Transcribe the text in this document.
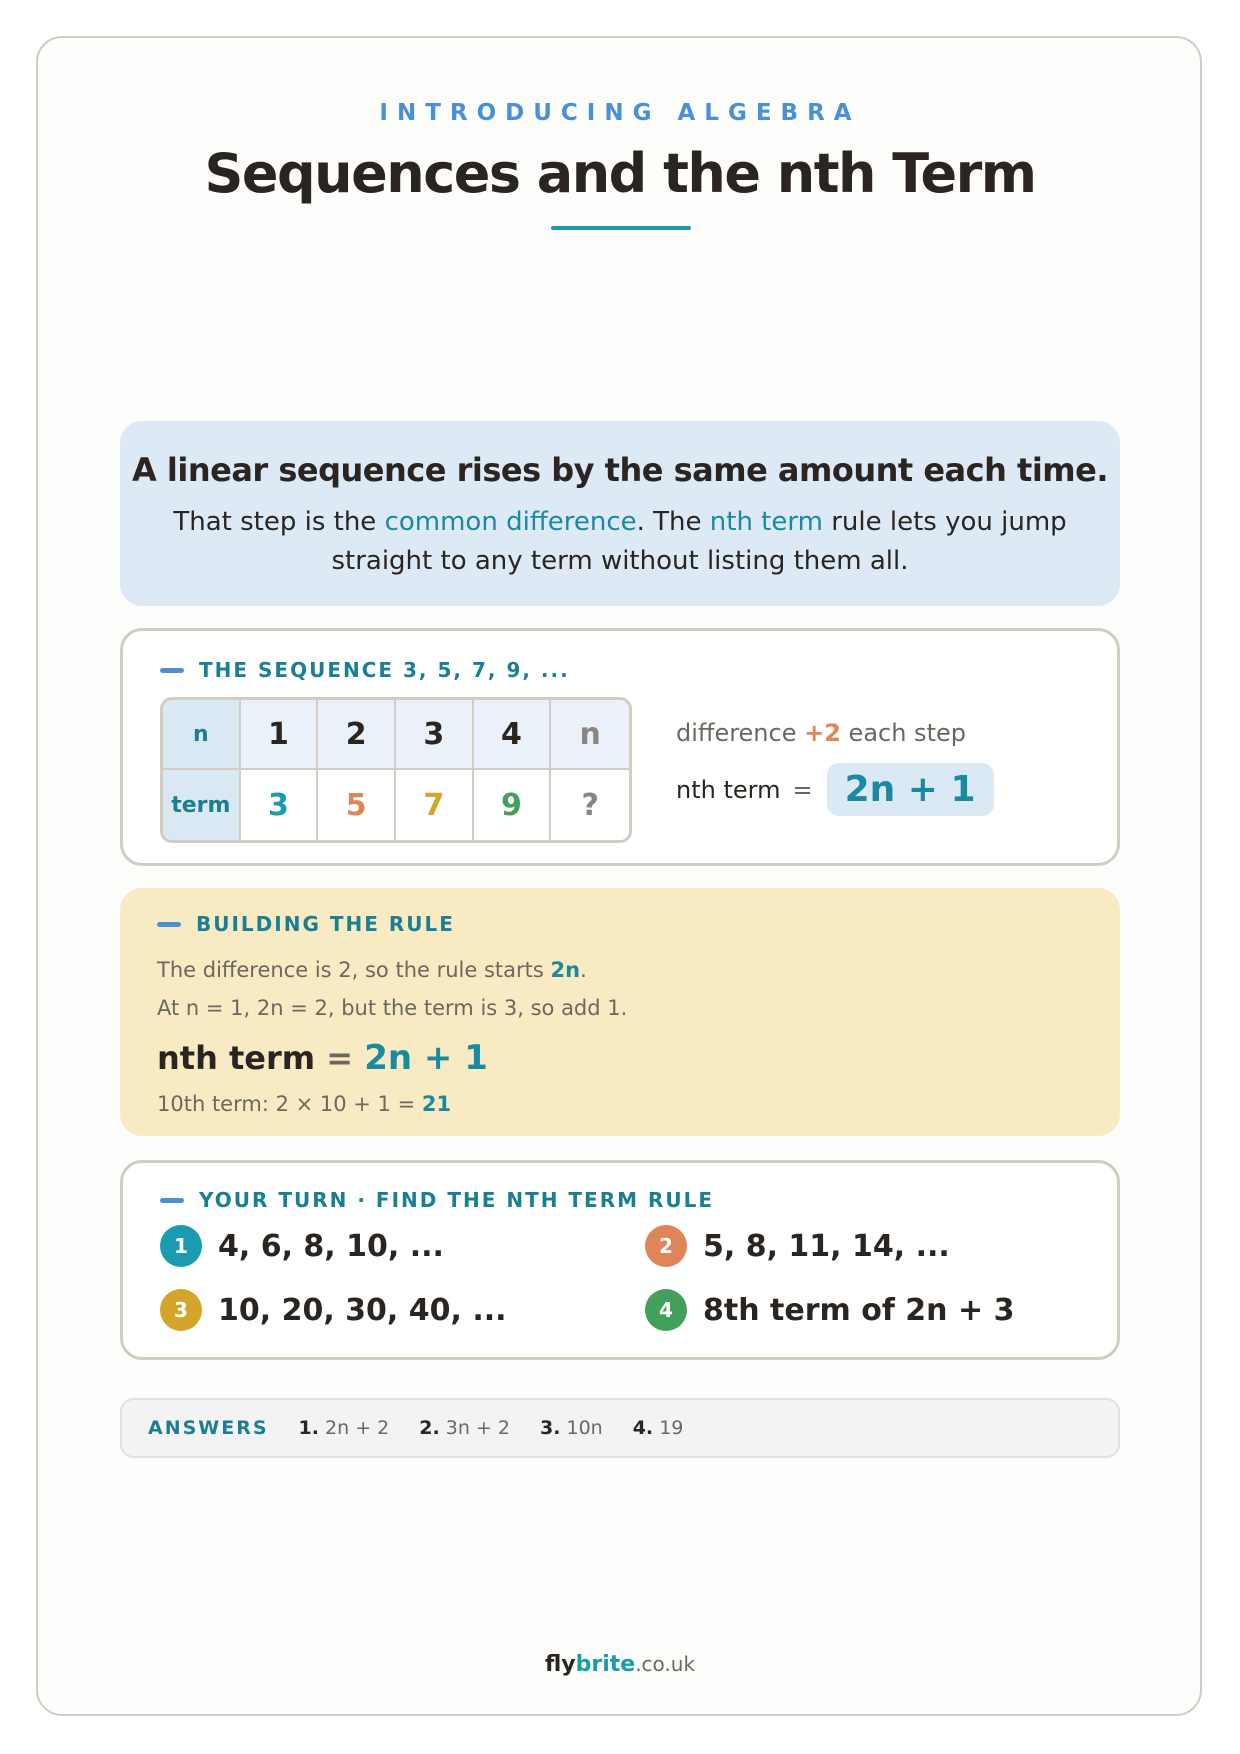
INTRODUCING ALGEBRA
Sequences and the nth Term
A linear sequence rises by the same amount each time.
That step is the common difference. The nth term rule lets you jump straight to any term without listing them all.
THE SEQUENCE 3, 5, 7, 9, ...
n	1	2	3	4	n
term	3	5	7	9	?
difference +2 each step
nth term = 2n + 1
BUILDING THE RULE
The difference is 2, so the rule starts 2n.
At n = 1, 2n = 2, but the term is 3, so add 1.
nth term = 2n + 1
10th term: 2 × 10 + 1 = 21
YOUR TURN · FIND THE NTH TERM RULE
1	4, 6, 8, 10, ...	2	5, 8, 11, 14, ...
3	10, 20, 30, 40, ...	4	8th term of 2n + 3
ANSWERS 1. 2n + 2 2. 3n + 2 3. 10n 4. 19
flybrite.co.uk
